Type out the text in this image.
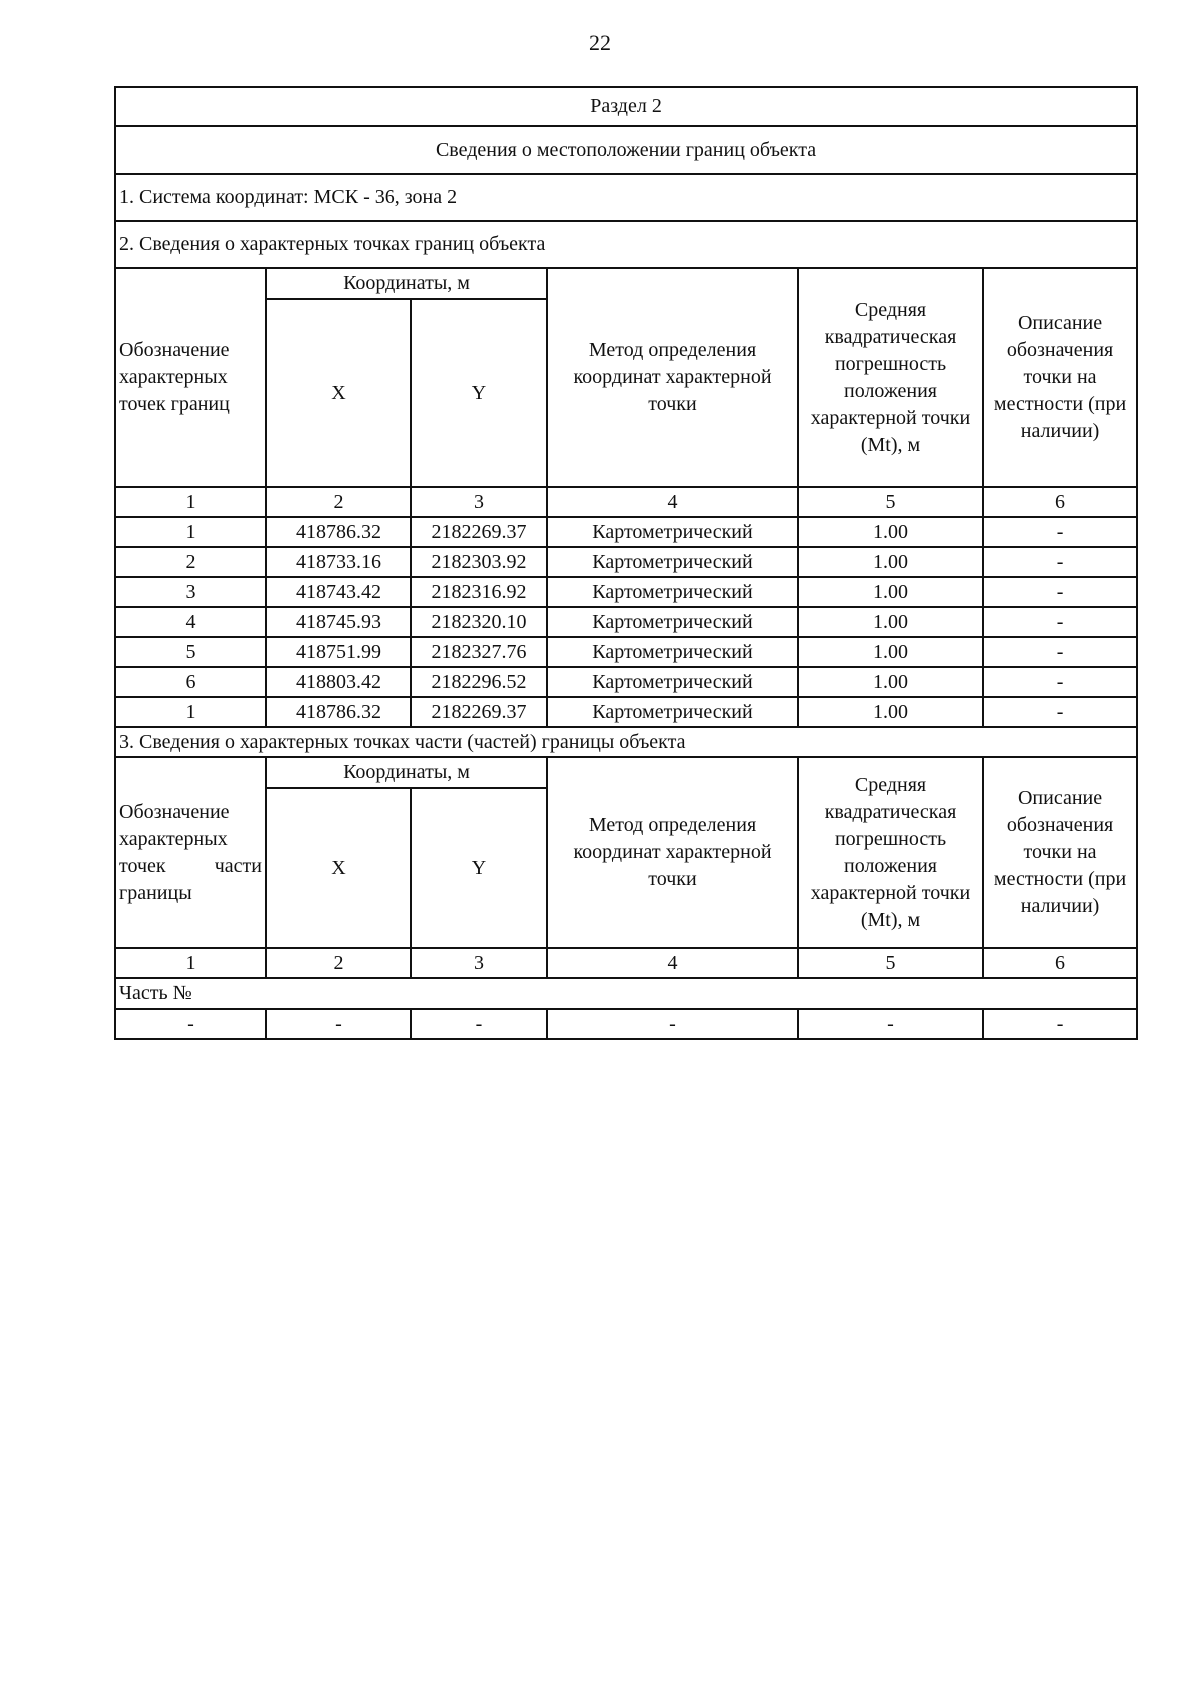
22
Раздел 2					
Сведения о местоположении границ объекта					
1. Система координат: МСК - 36, зона 2					
2. Сведения о характерных точках границ объекта					
Обозначение характерных точек границ	Координаты, м		Метод определения координат характерной точки	Средняя квадратическая погрешность положения характерной точки (Mt), м	Описание обозначения точки на местности (при наличии)
	X	Y			
1	2	3	4	5	6
1	418786.32	2182269.37	Картометрический	1.00	-
2	418733.16	2182303.92	Картометрический	1.00	-
3	418743.42	2182316.92	Картометрический	1.00	-
4	418745.93	2182320.10	Картометрический	1.00	-
5	418751.99	2182327.76	Картометрический	1.00	-
6	418803.42	2182296.52	Картометрический	1.00	-
1	418786.32	2182269.37	Картометрический	1.00	-
3. Сведения о характерных точках части (частей) границы объекта					

Обозначение
характерных
точек части
границы	Координаты, м		Метод определения координат характерной точки	Средняя квадратическая погрешность положения характерной точки (Mt), м	Описание обозначения точки на местности (при наличии)
	X	Y			
1	2	3	4	5	6
Часть №					
-	-	-	-	-	-
